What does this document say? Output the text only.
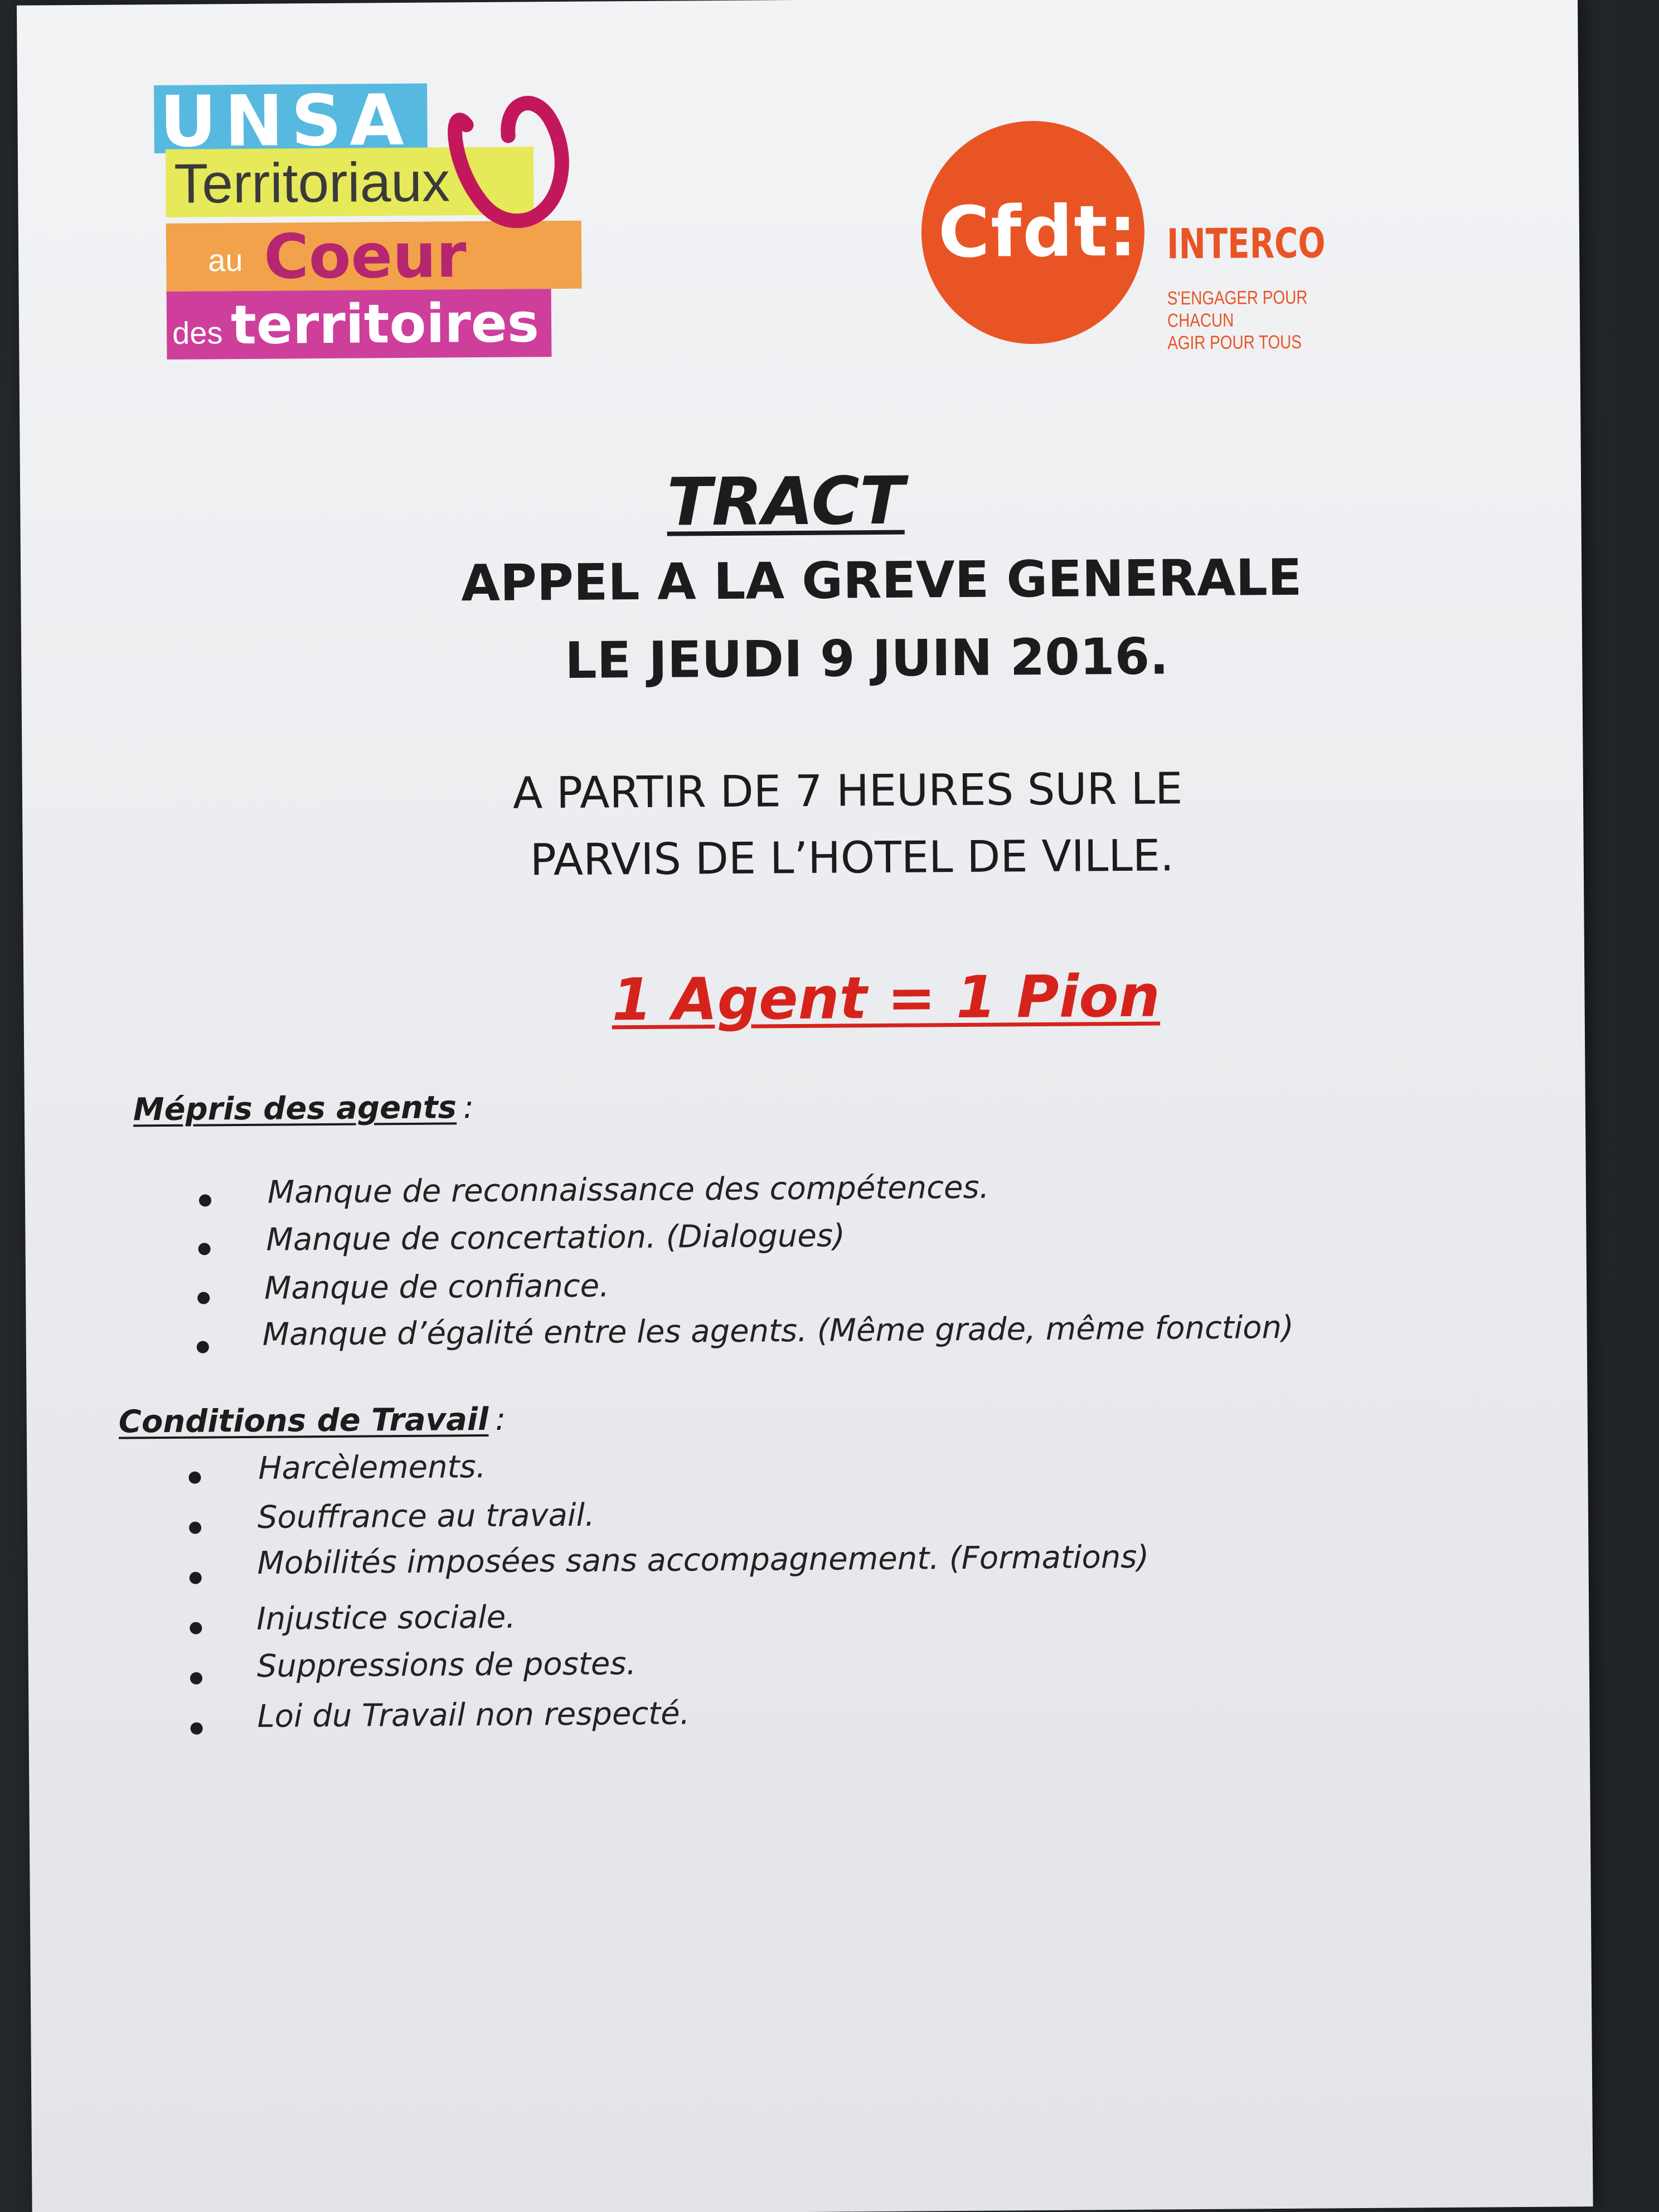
UNSA
Territoriaux
au Coeur
des territoires
Cfdt: INTERCO
S'ENGAGER POUR CHACUN
AGIR POUR TOUS
TRACT
APPEL A LA GREVE GENERALE
LE JEUDI 9 JUIN 2016.
A PARTIR DE 7 HEURES SUR LE
PARVIS DE L’HOTEL DE VILLE.
1 Agent = 1 Pion
Mépris des agents :
Manque de reconnaissance des compétences.
Manque de concertation. (Dialogues)
Manque de confiance.
Manque d’égalité entre les agents. (Même grade, même fonction)
Conditions de Travail :
Harcèlements.
Souffrance au travail.
Mobilités imposées sans accompagnement. (Formations)
Injustice sociale.
Suppressions de postes.
Loi du Travail non respecté.
